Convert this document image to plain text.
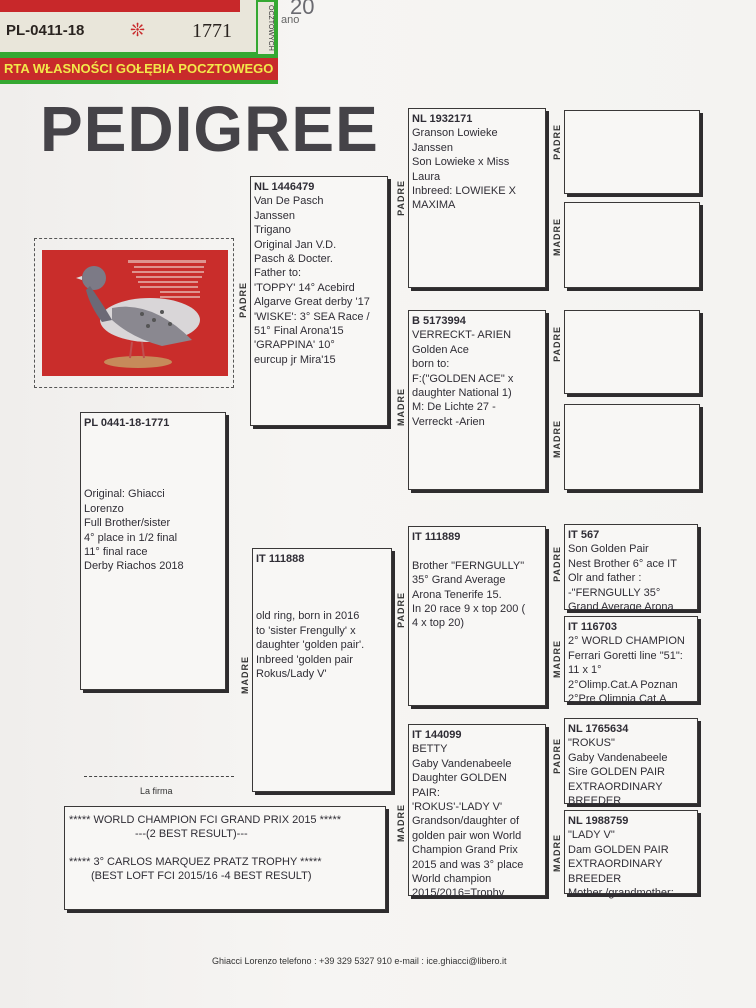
PL-0411-18	❊ 1771	OCZTOWYCH
RTA WŁASNOŚCI GOŁĘBIA POCZTOWEGO
20
ano
PEDIGREE
PL 0441-18-1771
Original: Ghiacci
Lorenzo
Full Brother/sister
4° place in 1/2 final
11° final race
Derby Riachos 2018
PADRE
NL 1446479
Van De Pasch
Janssen
Trigano
Original Jan V.D.
Pasch & Docter.
Father to:
'TOPPY' 14° Acebird
Algarve Great derby '17
'WISKE': 3° SEA Race /
51° Final Arona'15
'GRAPPINA' 10°
eurcup jr Mira'15
MADRE
IT 111888
old ring, born in 2016
to 'sister Frengully' x
daughter 'golden pair'.
Inbreed 'golden pair
Rokus/Lady V'
PADRE
NL 1932171
Granson Lowieke
Janssen
Son Lowieke x Miss
Laura
Inbreed: LOWIEKE X
MAXIMA
MADRE
B 5173994
VERRECKT- ARIEN
Golden Ace
born to:
F:("GOLDEN ACE" x
daughter National 1)
M: De Lichte 27 -
Verreckt -Arien
PADRE
IT 111889

Brother "FERNGULLY"
35° Grand Average
Arona Tenerife 15.
In 20 race 9 x top 200 (
4 x top 20)
MADRE
IT 144099
BETTY
Gaby Vandenabeele
Daughter GOLDEN
PAIR:
'ROKUS'-'LADY V'
Grandson/daughter of
golden pair won World
Champion Grand Prix
2015 and was 3° place
World champion
2015/2016=Trophy
PADRE
MADRE
PADRE
MADRE
PADRE
IT 567
Son Golden Pair
Nest Brother 6° ace IT
Olr and father :
-"FERNGULLY 35°
Grand Average Arona
MADRE
IT 116703
2° WORLD CHAMPION
Ferrari Goretti line "51":
11 x 1°
2°Olimp.Cat.A Poznan
2°Pre Olimpia Cat.A
PADRE
NL 1765634
"ROKUS"
Gaby Vandenabeele
Sire GOLDEN PAIR
EXTRAORDINARY
BREEDER
MADRE
NL 1988759
"LADY V"
Dam GOLDEN PAIR
EXTRAORDINARY
BREEDER
Mother /grandmother:
La firma
***** WORLD CHAMPION FCI GRAND PRIX 2015 *****
---(2 BEST RESULT)---
***** 3° CARLOS MARQUEZ PRATZ TROPHY *****
(BEST LOFT FCI 2015/16 -4 BEST RESULT)
Ghiacci Lorenzo telefono : +39 329 5327 910 e-mail : ice.ghiacci@libero.it
